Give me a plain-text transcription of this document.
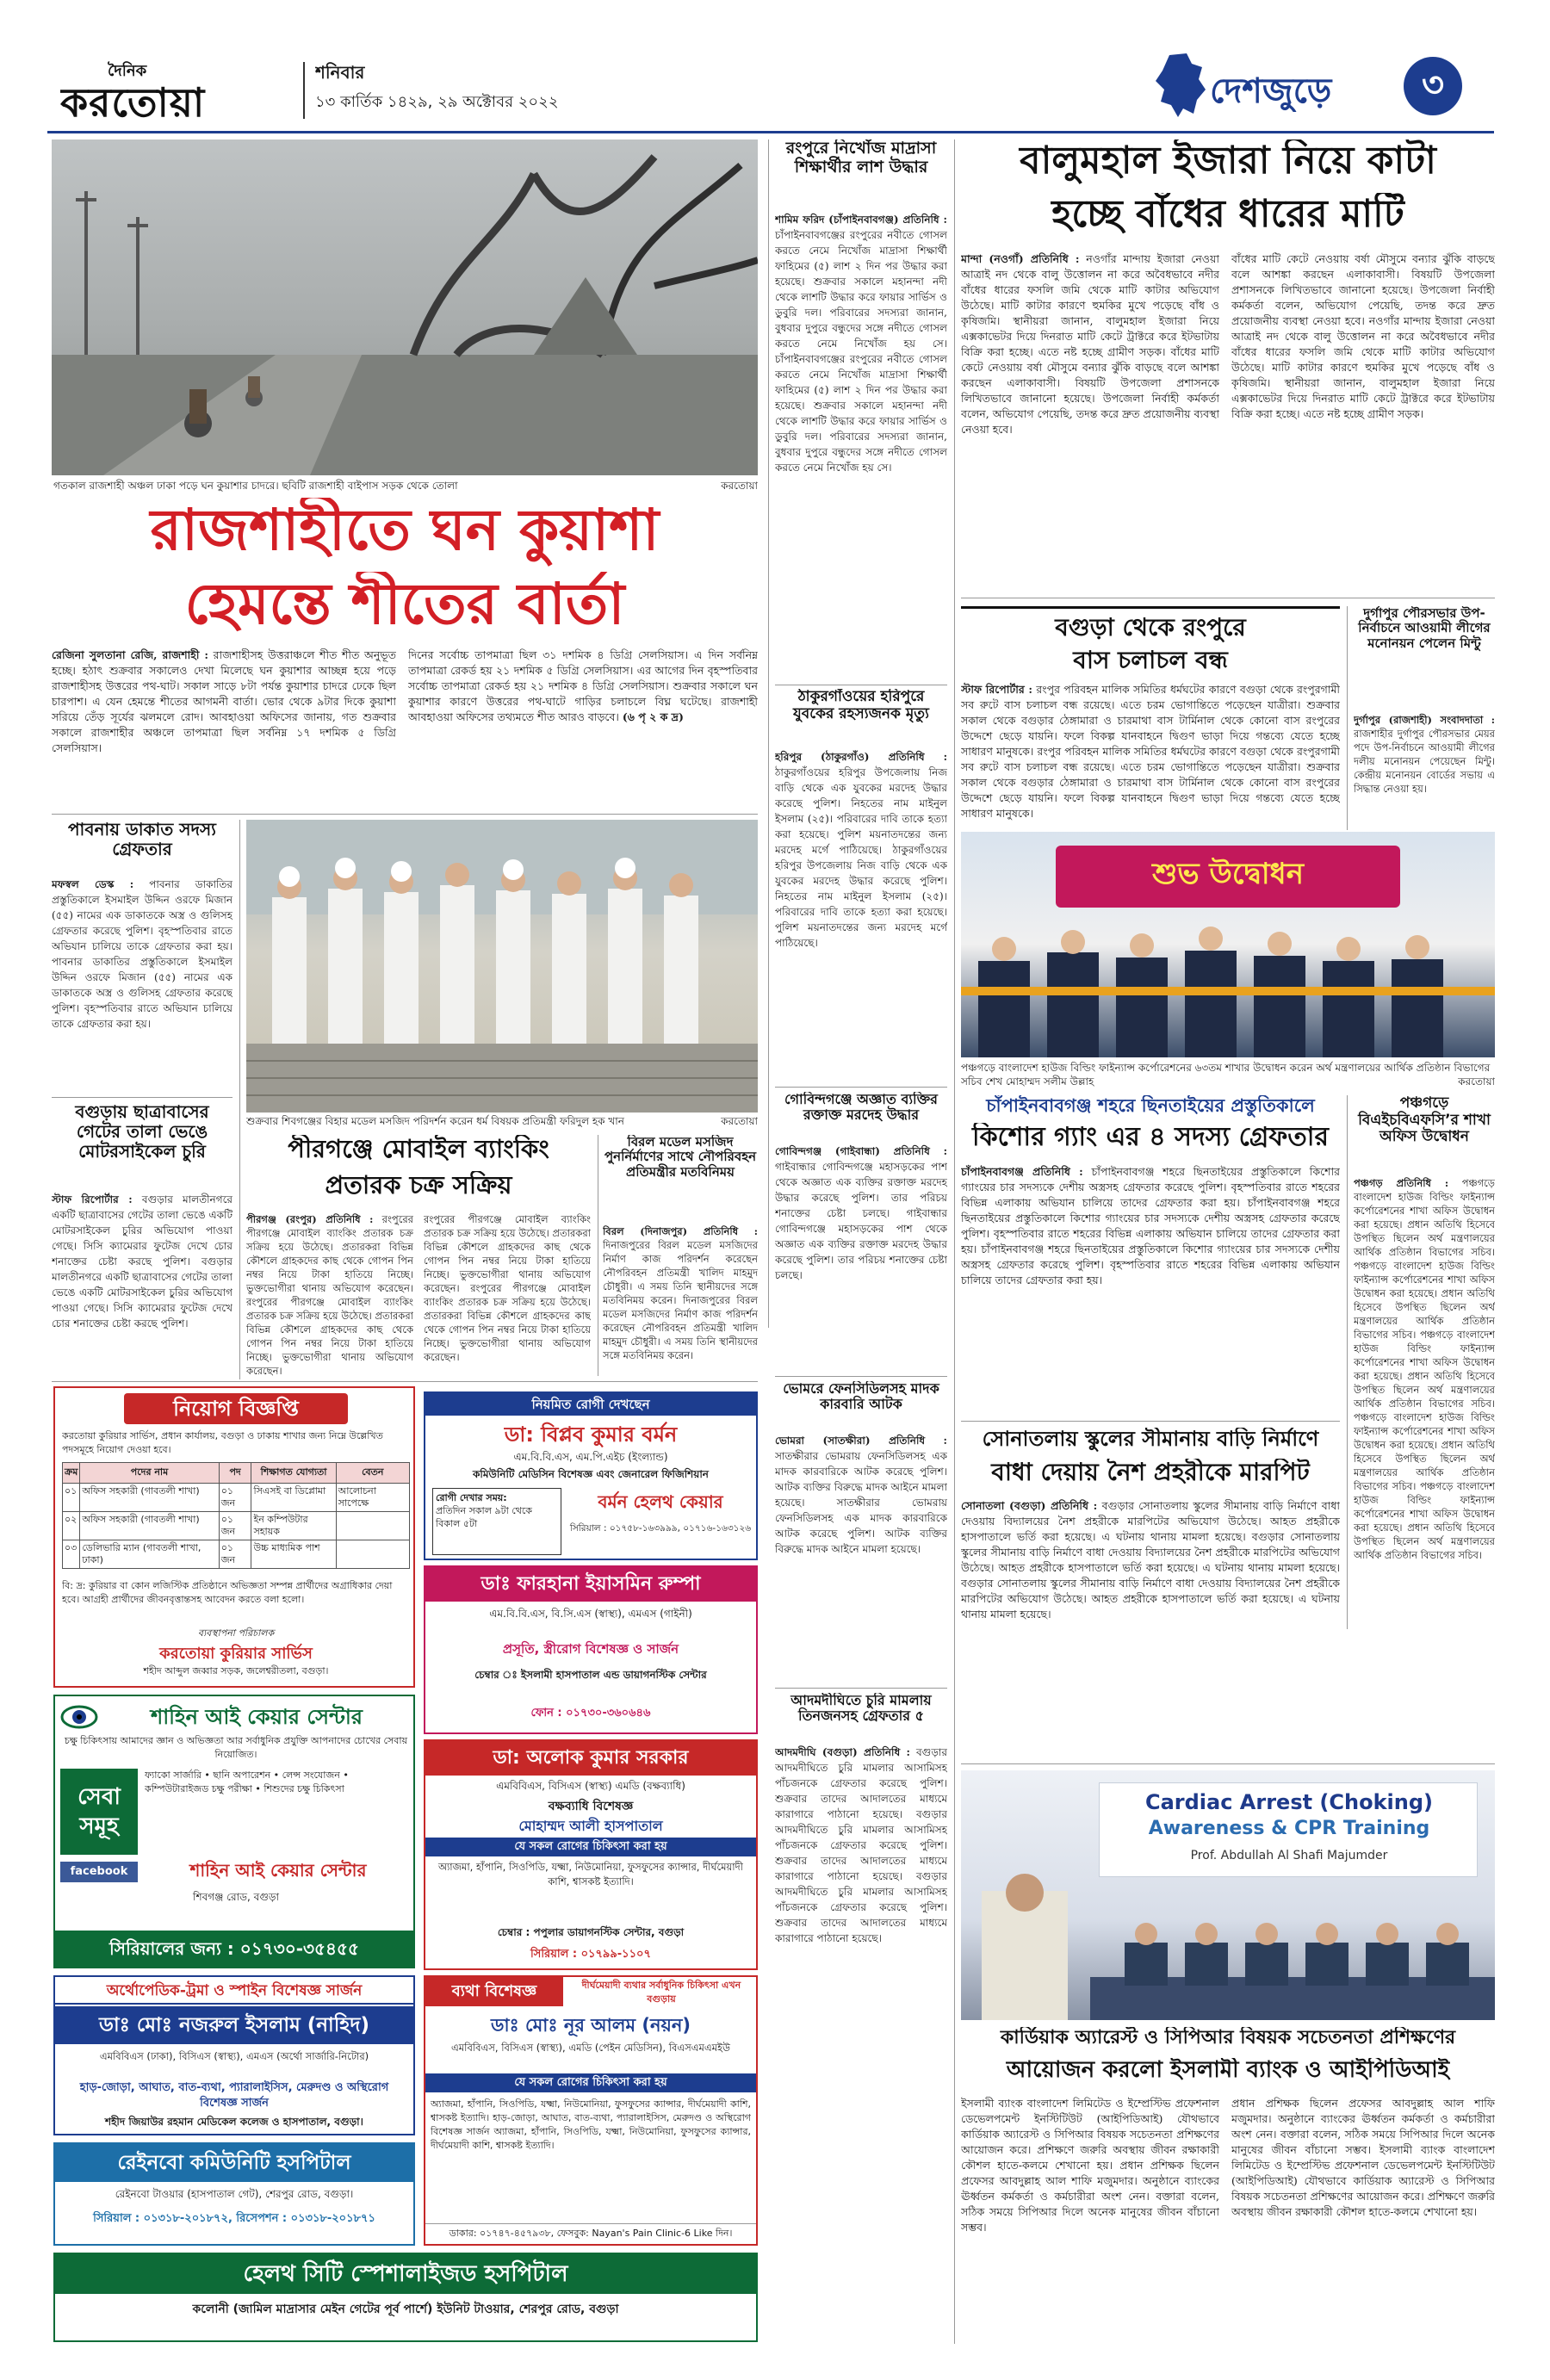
দৈনিক
করতোয়া
শনিবার
১৩ কার্তিক ১৪২৯, ২৯ অক্টোবর ২০২২	দেশজুড়ে	৩
গতকাল রাজশাহী অঞ্চল ঢাকা পড়ে ঘন কুয়াশার চাদরে। ছবিটি রাজশাহী বাইপাস সড়ক থেকে তোলা	করতোয়া
রাজশাহীতে ঘন কুয়াশা
হেমন্তে শীতের বার্তা
রেজিনা সুলতানা রেজি, রাজশাহী : রাজশাহীসহ উত্তরাঞ্চলে শীত শীত অনুভূত হচ্ছে। হঠাৎ শুক্রবার সকালেও দেখা মিলেছে ঘন কুয়াশার আচ্ছন্ন হয়ে পড়ে রাজশাহীসহ উত্তরের পথ-ঘাট। সকাল সাড়ে ৮টা পর্যন্ত কুয়াশার চাদরে ঢেকে ছিল চারপাশ। এ যেন হেমন্তে শীতের আগমনী বার্তা। ভোর থেকে ৯টার দিকে কুয়াশা সরিয়ে তেঁড় সূর্যের ঝলমলে রোদ। আবহাওয়া অফিসের জানায়, গত শুক্রবার সকালে রাজশাহীর অঞ্চলে তাপমাত্রা ছিল সর্বনিম্ন ১৭ দশমিক ৫ ডিগ্রি সেলসিয়াস।
দিনের সর্বোচ্চ তাপমাত্রা ছিল ৩১ দশমিক ৪ ডিগ্রি সেলসিয়াস। এ দিন সর্বনিম্ন তাপমাত্রা রেকর্ড হয় ২১ দশমিক ৫ ডিগ্রি সেলসিয়াস। এর আগের দিন বৃহস্পতিবার সর্বোচ্চ তাপমাত্রা রেকর্ড হয় ২১ দশমিক ৪ ডিগ্রি সেলসিয়াস। শুক্রবার সকালে ঘন কুয়াশার কারণে উত্তরের পথ-ঘাটে গাড়ির চলাচলে বিঘ্ন ঘটেছে। রাজশাহী আবহাওয়া অফিসের তথ্যমতে শীত আরও বাড়বে। (৬ পৃ ২ ক দ্র)
রংপুরে নিখোঁজ মাদ্রাসা শিক্ষার্থীর লাশ উদ্ধার
শামিম ফরিদ (চাঁপাইনবাবগঞ্জ) প্রতিনিধি : চাঁপাইনবাবগঞ্জের রংপুরের নবীতে গোসল করতে নেমে নিখোঁজ মাদ্রাসা শিক্ষার্থী ফাহিমের (৫) লাশ ২ দিন পর উদ্ধার করা হয়েছে। শুক্রবার সকালে মহানন্দা নদী থেকে লাশটি উদ্ধার করে ফায়ার সার্ভিস ও ডুবুরি দল। পরিবারের সদস্যরা জানান, বুধবার দুপুরে বন্ধুদের সঙ্গে নদীতে গোসল করতে নেমে নিখোঁজ হয় সে। চাঁপাইনবাবগঞ্জের রংপুরের নবীতে গোসল করতে নেমে নিখোঁজ মাদ্রাসা শিক্ষার্থী ফাহিমের (৫) লাশ ২ দিন পর উদ্ধার করা হয়েছে। শুক্রবার সকালে মহানন্দা নদী থেকে লাশটি উদ্ধার করে ফায়ার সার্ভিস ও ডুবুরি দল। পরিবারের সদস্যরা জানান, বুধবার দুপুরে বন্ধুদের সঙ্গে নদীতে গোসল করতে নেমে নিখোঁজ হয় সে।
ঠাকুরগাঁওয়ের হরিপুরে যুবকের রহস্যজনক মৃত্যু
হরিপুর (ঠাকুরগাঁও) প্রতিনিধি : ঠাকুরগাঁওয়ের হরিপুর উপজেলায় নিজ বাড়ি থেকে এক যুবকের মরদেহ উদ্ধার করেছে পুলিশ। নিহতের নাম মাইনুল ইসলাম (২৫)। পরিবারের দাবি তাকে হত্যা করা হয়েছে। পুলিশ ময়নাতদন্তের জন্য মরদেহ মর্গে পাঠিয়েছে। ঠাকুরগাঁওয়ের হরিপুর উপজেলায় নিজ বাড়ি থেকে এক যুবকের মরদেহ উদ্ধার করেছে পুলিশ। নিহতের নাম মাইনুল ইসলাম (২৫)। পরিবারের দাবি তাকে হত্যা করা হয়েছে। পুলিশ ময়নাতদন্তের জন্য মরদেহ মর্গে পাঠিয়েছে।
গোবিন্দগঞ্জে অজ্ঞাত ব্যক্তির রক্তাক্ত মরদেহ উদ্ধার
গোবিন্দগঞ্জ (গাইবান্ধা) প্রতিনিধি : গাইবান্ধার গোবিন্দগঞ্জে মহাসড়কের পাশ থেকে অজ্ঞাত এক ব্যক্তির রক্তাক্ত মরদেহ উদ্ধার করেছে পুলিশ। তার পরিচয় শনাক্তের চেষ্টা চলছে। গাইবান্ধার গোবিন্দগঞ্জে মহাসড়কের পাশ থেকে অজ্ঞাত এক ব্যক্তির রক্তাক্ত মরদেহ উদ্ধার করেছে পুলিশ। তার পরিচয় শনাক্তের চেষ্টা চলছে।
ভোমরে ফেনসিডিলসহ মাদক কারবারি আটক
ভোমরা (সাতক্ষীরা) প্রতিনিধি : সাতক্ষীরার ভোমরায় ফেনসিডিলসহ এক মাদক কারবারিকে আটক করেছে পুলিশ। আটক ব্যক্তির বিরুদ্ধে মাদক আইনে মামলা হয়েছে।	সাতক্ষীরার ভোমরায় ফেনসিডিলসহ এক মাদক কারবারিকে আটক করেছে পুলিশ। আটক ব্যক্তির বিরুদ্ধে মাদক আইনে মামলা হয়েছে।
আদমদীঘিতে চুরি মামলায় তিনজনসহ গ্রেফতার ৫
আদমদীঘি (বগুড়া) প্রতিনিধি : বগুড়ার আদমদীঘিতে চুরি মামলার আসামিসহ পাঁচজনকে গ্রেফতার করেছে পুলিশ। শুক্রবার তাদের আদালতের মাধ্যমে কারাগারে পাঠানো হয়েছে। বগুড়ার আদমদীঘিতে চুরি মামলার আসামিসহ পাঁচজনকে গ্রেফতার করেছে পুলিশ। শুক্রবার তাদের আদালতের মাধ্যমে কারাগারে পাঠানো হয়েছে। বগুড়ার আদমদীঘিতে চুরি মামলার আসামিসহ পাঁচজনকে গ্রেফতার করেছে পুলিশ। শুক্রবার তাদের আদালতের মাধ্যমে কারাগারে পাঠানো হয়েছে।
বালুমহাল ইজারা নিয়ে কাটা
হচ্ছে বাঁধের ধারের মাটি
মান্দা (নওগাঁ) প্রতিনিধি : নওগাঁর মান্দায় ইজারা নেওয়া আত্রাই নদ থেকে বালু উত্তোলন না করে অবৈধভাবে নদীর বাঁধের ধারের ফসলি জমি থেকে মাটি কাটার অভিযোগ উঠেছে। মাটি কাটার কারণে হুমকির মুখে পড়েছে বাঁধ ও কৃষিজমি। স্থানীয়রা জানান, বালুমহাল ইজারা নিয়ে এক্সকাভেটর দিয়ে দিনরাত মাটি কেটে ট্রাক্টরে করে ইটভাটায় বিক্রি করা হচ্ছে। এতে নষ্ট হচ্ছে গ্রামীণ সড়ক। বাঁধের মাটি কেটে নেওয়ায় বর্ষা মৌসুমে বন্যার ঝুঁকি বাড়ছে বলে আশঙ্কা করছেন এলাকাবাসী। বিষয়টি উপজেলা প্রশাসনকে লিখিতভাবে জানানো হয়েছে। উপজেলা নির্বাহী কর্মকর্তা বলেন, অভিযোগ পেয়েছি, তদন্ত করে দ্রুত প্রয়োজনীয় ব্যবস্থা নেওয়া হবে।
বাঁধের মাটি কেটে নেওয়ায় বর্ষা মৌসুমে বন্যার ঝুঁকি বাড়ছে বলে আশঙ্কা করছেন এলাকাবাসী। বিষয়টি উপজেলা প্রশাসনকে লিখিতভাবে জানানো হয়েছে। উপজেলা নির্বাহী কর্মকর্তা বলেন, অভিযোগ পেয়েছি, তদন্ত করে দ্রুত প্রয়োজনীয় ব্যবস্থা নেওয়া হবে। নওগাঁর মান্দায় ইজারা নেওয়া আত্রাই নদ থেকে বালু উত্তোলন না করে অবৈধভাবে নদীর বাঁধের ধারের ফসলি জমি থেকে মাটি কাটার অভিযোগ উঠেছে। মাটি কাটার কারণে হুমকির মুখে পড়েছে বাঁধ ও কৃষিজমি। স্থানীয়রা জানান, বালুমহাল ইজারা নিয়ে এক্সকাভেটর দিয়ে দিনরাত মাটি কেটে ট্রাক্টরে করে ইটভাটায় বিক্রি করা হচ্ছে। এতে নষ্ট হচ্ছে গ্রামীণ সড়ক।
বগুড়া থেকে রংপুরে
বাস চলাচল বন্ধ
স্টাফ রিপোর্টার : রংপুর পরিবহন মালিক সমিতির ধর্মঘটের কারণে বগুড়া থেকে রংপুরগামী সব রুটে বাস চলাচল বন্ধ রয়েছে। এতে চরম ভোগান্তিতে পড়েছেন যাত্রীরা। শুক্রবার সকাল থেকে বগুড়ার ঠেঙ্গামারা ও চারমাথা বাস টার্মিনাল থেকে কোনো বাস রংপুরের উদ্দেশে ছেড়ে যায়নি। ফলে বিকল্প যানবাহনে দ্বিগুণ ভাড়া দিয়ে গন্তব্যে যেতে হচ্ছে সাধারণ মানুষকে। রংপুর পরিবহন মালিক সমিতির ধর্মঘটের কারণে বগুড়া থেকে রংপুরগামী সব রুটে বাস চলাচল বন্ধ রয়েছে। এতে চরম ভোগান্তিতে পড়েছেন যাত্রীরা। শুক্রবার সকাল থেকে বগুড়ার ঠেঙ্গামারা ও চারমাথা বাস টার্মিনাল থেকে কোনো বাস রংপুরের উদ্দেশে ছেড়ে যায়নি। ফলে বিকল্প যানবাহনে দ্বিগুণ ভাড়া দিয়ে গন্তব্যে যেতে হচ্ছে সাধারণ মানুষকে।
দুর্গাপুর পৌরসভার উপ-নির্বাচনে আওয়ামী লীগের মনোনয়ন পেলেন মিন্টু
দুর্গাপুর (রাজশাহী) সংবাদদাতা : রাজশাহীর দুর্গাপুর পৌরসভার মেয়র পদে উপ-নির্বাচনে আওয়ামী লীগের দলীয় মনোনয়ন পেয়েছেন মিন্টু। কেন্দ্রীয় মনোনয়ন বোর্ডের সভায় এ সিদ্ধান্ত নেওয়া হয়।
শুভ উদ্বোধন
পঞ্চগড়ে বাংলাদেশ হাউজ বিল্ডিং ফাইন্যান্স কর্পোরেশনের ৬৩তম শাখার উদ্বোধন করেন অর্থ মন্ত্রণালয়ের আর্থিক প্রতিষ্ঠান বিভাগের সচিব শেখ মোহাম্মদ সলীম উল্লাহ	করতোয়া
চাঁপাইনবাবগঞ্জ শহরে ছিনতাইয়ের প্রস্তুতিকালে
কিশোর গ্যাং এর ৪ সদস্য গ্রেফতার
চাঁপাইনবাবগঞ্জ প্রতিনিধি : চাঁপাইনবাবগঞ্জ শহরে ছিনতাইয়ের প্রস্তুতিকালে কিশোর গ্যাংয়ের চার সদস্যকে দেশীয় অস্ত্রসহ গ্রেফতার করেছে পুলিশ। বৃহস্পতিবার রাতে শহরের বিভিন্ন এলাকায় অভিযান চালিয়ে তাদের গ্রেফতার করা হয়। চাঁপাইনবাবগঞ্জ শহরে ছিনতাইয়ের প্রস্তুতিকালে কিশোর গ্যাংয়ের চার সদস্যকে দেশীয় অস্ত্রসহ গ্রেফতার করেছে পুলিশ। বৃহস্পতিবার রাতে শহরের বিভিন্ন এলাকায় অভিযান চালিয়ে তাদের গ্রেফতার করা হয়। চাঁপাইনবাবগঞ্জ শহরে ছিনতাইয়ের প্রস্তুতিকালে কিশোর গ্যাংয়ের চার সদস্যকে দেশীয় অস্ত্রসহ গ্রেফতার করেছে পুলিশ। বৃহস্পতিবার রাতে শহরের বিভিন্ন এলাকায় অভিযান চালিয়ে তাদের গ্রেফতার করা হয়।
পঞ্চগড়ে বিএইচবিএফসি’র শাখা অফিস উদ্বোধন
পঞ্চগড় প্রতিনিধি : পঞ্চগড়ে বাংলাদেশ হাউজ বিল্ডিং ফাইন্যান্স কর্পোরেশনের শাখা অফিস উদ্বোধন করা হয়েছে। প্রধান অতিথি হিসেবে উপস্থিত ছিলেন অর্থ মন্ত্রণালয়ের আর্থিক প্রতিষ্ঠান বিভাগের সচিব। পঞ্চগড়ে বাংলাদেশ হাউজ বিল্ডিং ফাইন্যান্স কর্পোরেশনের শাখা অফিস উদ্বোধন করা হয়েছে। প্রধান অতিথি হিসেবে উপস্থিত ছিলেন অর্থ মন্ত্রণালয়ের আর্থিক প্রতিষ্ঠান বিভাগের সচিব। পঞ্চগড়ে বাংলাদেশ হাউজ বিল্ডিং ফাইন্যান্স কর্পোরেশনের শাখা অফিস উদ্বোধন করা হয়েছে। প্রধান অতিথি হিসেবে উপস্থিত ছিলেন অর্থ মন্ত্রণালয়ের আর্থিক প্রতিষ্ঠান বিভাগের সচিব। পঞ্চগড়ে বাংলাদেশ হাউজ বিল্ডিং ফাইন্যান্স কর্পোরেশনের শাখা অফিস উদ্বোধন করা হয়েছে। প্রধান অতিথি হিসেবে উপস্থিত ছিলেন অর্থ মন্ত্রণালয়ের আর্থিক প্রতিষ্ঠান বিভাগের সচিব। পঞ্চগড়ে বাংলাদেশ হাউজ বিল্ডিং ফাইন্যান্স কর্পোরেশনের শাখা অফিস উদ্বোধন করা হয়েছে। প্রধান অতিথি হিসেবে উপস্থিত ছিলেন অর্থ মন্ত্রণালয়ের আর্থিক প্রতিষ্ঠান বিভাগের সচিব।
সোনাতলায় স্কুলের সীমানায় বাড়ি নির্মাণে
বাধা দেয়ায় নৈশ প্রহরীকে মারপিট
সোনাতলা (বগুড়া) প্রতিনিধি : বগুড়ার সোনাতলায় স্কুলের সীমানায় বাড়ি নির্মাণে বাধা দেওয়ায় বিদ্যালয়ের নৈশ প্রহরীকে মারপিটের অভিযোগ উঠেছে। আহত প্রহরীকে হাসপাতালে ভর্তি করা হয়েছে। এ ঘটনায় থানায় মামলা হয়েছে। বগুড়ার সোনাতলায় স্কুলের সীমানায় বাড়ি নির্মাণে বাধা দেওয়ায় বিদ্যালয়ের নৈশ প্রহরীকে মারপিটের অভিযোগ উঠেছে। আহত প্রহরীকে হাসপাতালে ভর্তি করা হয়েছে। এ ঘটনায় থানায় মামলা হয়েছে। বগুড়ার সোনাতলায় স্কুলের সীমানায় বাড়ি নির্মাণে বাধা দেওয়ায় বিদ্যালয়ের নৈশ প্রহরীকে মারপিটের অভিযোগ উঠেছে। আহত প্রহরীকে হাসপাতালে ভর্তি করা হয়েছে। এ ঘটনায় থানায় মামলা হয়েছে।
Cardiac Arrest (Choking)
Awareness & CPR Training
Prof. Abdullah Al Shafi Majumder
কার্ডিয়াক অ্যারেস্ট ও সিপিআর বিষয়ক সচেতনতা প্রশিক্ষণের
আয়োজন করলো ইসলামী ব্যাংক ও আইপিডিআই
ইসলামী ব্যাংক বাংলাদেশ লিমিটেড ও ইম্প্রেস্টিভ প্রফেশনাল ডেভেলপমেন্ট ইনস্টিটিউট (আইপিডিআই) যৌথভাবে কার্ডিয়াক অ্যারেস্ট ও সিপিআর বিষয়ক সচেতনতা প্রশিক্ষণের আয়োজন করে। প্রশিক্ষণে জরুরি অবস্থায় জীবন রক্ষাকারী কৌশল হাতে-কলমে শেখানো হয়। প্রধান প্রশিক্ষক ছিলেন প্রফেসর আবদুল্লাহ আল শাফি মজুমদার। অনুষ্ঠানে ব্যাংকের ঊর্ধ্বতন কর্মকর্তা ও কর্মচারীরা অংশ নেন। বক্তারা বলেন, সঠিক সময়ে সিপিআর দিলে অনেক মানুষের জীবন বাঁচানো সম্ভব।
প্রধান প্রশিক্ষক ছিলেন প্রফেসর আবদুল্লাহ আল শাফি মজুমদার। অনুষ্ঠানে ব্যাংকের ঊর্ধ্বতন কর্মকর্তা ও কর্মচারীরা অংশ নেন। বক্তারা বলেন, সঠিক সময়ে সিপিআর দিলে অনেক মানুষের জীবন বাঁচানো সম্ভব। ইসলামী ব্যাংক বাংলাদেশ লিমিটেড ও ইম্প্রেস্টিভ প্রফেশনাল ডেভেলপমেন্ট ইনস্টিটিউট (আইপিডিআই) যৌথভাবে কার্ডিয়াক অ্যারেস্ট ও সিপিআর বিষয়ক সচেতনতা প্রশিক্ষণের আয়োজন করে। প্রশিক্ষণে জরুরি অবস্থায় জীবন রক্ষাকারী কৌশল হাতে-কলমে শেখানো হয়।
পাবনায় ডাকাত সদস্য গ্রেফতার
মফস্বল ডেস্ক : পাবনার ডাকাতির প্রস্তুতিকালে ইসমাইল উদ্দিন ওরফে মিজান (৫৫) নামের এক ডাকাতকে অস্ত্র ও গুলিসহ গ্রেফতার করেছে পুলিশ। বৃহস্পতিবার রাতে অভিযান চালিয়ে তাকে গ্রেফতার করা হয়। পাবনার ডাকাতির প্রস্তুতিকালে ইসমাইল উদ্দিন ওরফে মিজান (৫৫) নামের এক ডাকাতকে অস্ত্র ও গুলিসহ গ্রেফতার করেছে পুলিশ। বৃহস্পতিবার রাতে অভিযান চালিয়ে তাকে গ্রেফতার করা হয়।
বগুড়ায় ছাত্রাবাসের গেটের তালা ভেঙে মোটরসাইকেল চুরি
স্টাফ রিপোর্টার : বগুড়ার মালতীনগরে একটি ছাত্রাবাসের গেটের তালা ভেঙে একটি মোটরসাইকেল চুরির অভিযোগ পাওয়া গেছে। সিসি ক্যামেরার ফুটেজ দেখে চোর শনাক্তের চেষ্টা করছে পুলিশ। বগুড়ার মালতীনগরে একটি ছাত্রাবাসের গেটের তালা ভেঙে একটি মোটরসাইকেল চুরির অভিযোগ পাওয়া গেছে। সিসি ক্যামেরার ফুটেজ দেখে চোর শনাক্তের চেষ্টা করছে পুলিশ।
শুক্রবার শিবগঞ্জের বিহার মডেল মসজিদ পরিদর্শন করেন ধর্ম বিষয়ক প্রতিমন্ত্রী ফরিদুল হক খান	করতোয়া
পীরগঞ্জে মোবাইল ব্যাংকিং
প্রতারক চক্র সক্রিয়
পীরগঞ্জ (রংপুর) প্রতিনিধি : রংপুরের পীরগঞ্জে মোবাইল ব্যাংকিং প্রতারক চক্র সক্রিয় হয়ে উঠেছে। প্রতারকরা বিভিন্ন কৌশলে গ্রাহকদের কাছ থেকে গোপন পিন নম্বর নিয়ে টাকা হাতিয়ে নিচ্ছে। ভুক্তভোগীরা থানায় অভিযোগ করেছেন। রংপুরের পীরগঞ্জে মোবাইল ব্যাংকিং প্রতারক চক্র সক্রিয় হয়ে উঠেছে। প্রতারকরা বিভিন্ন কৌশলে গ্রাহকদের কাছ থেকে গোপন পিন নম্বর নিয়ে টাকা হাতিয়ে নিচ্ছে। ভুক্তভোগীরা থানায় অভিযোগ করেছেন।
রংপুরের পীরগঞ্জে মোবাইল ব্যাংকিং প্রতারক চক্র সক্রিয় হয়ে উঠেছে। প্রতারকরা বিভিন্ন কৌশলে গ্রাহকদের কাছ থেকে গোপন পিন নম্বর নিয়ে টাকা হাতিয়ে নিচ্ছে। ভুক্তভোগীরা থানায় অভিযোগ করেছেন। রংপুরের পীরগঞ্জে মোবাইল ব্যাংকিং প্রতারক চক্র সক্রিয় হয়ে উঠেছে। প্রতারকরা বিভিন্ন কৌশলে গ্রাহকদের কাছ থেকে গোপন পিন নম্বর নিয়ে টাকা হাতিয়ে নিচ্ছে। ভুক্তভোগীরা থানায় অভিযোগ করেছেন।
বিরল মডেল মসজিদ পুনর্নির্মাণের সাথে নৌপরিবহন প্রতিমন্ত্রীর মতবিনিময়
বিরল (দিনাজপুর) প্রতিনিধি : দিনাজপুরের বিরল মডেল মসজিদের নির্মাণ কাজ পরিদর্শন করেছেন নৌপরিবহন প্রতিমন্ত্রী খালিদ মাহমুদ চৌধুরী। এ সময় তিনি স্থানীয়দের সঙ্গে মতবিনিময় করেন। দিনাজপুরের বিরল মডেল মসজিদের নির্মাণ কাজ পরিদর্শন করেছেন নৌপরিবহন প্রতিমন্ত্রী খালিদ মাহমুদ চৌধুরী। এ সময় তিনি স্থানীয়দের সঙ্গে মতবিনিময় করেন।
নিয়োগ বিজ্ঞপ্তি
করতোয়া কুরিয়ার সার্ভিস, প্রধান কার্যালয়, বগুড়া ও ঢাকায় শাখার জন্য নিম্নে উল্লেখিত পদসমূহে নিয়োগ দেওয়া হবে।
ক্রম	পদের নাম	পদ	শিক্ষাগত যোগ্যতা	বেতন
০১	অফিস সহকারী (গাবতলী শাখা)	০১ জন	সিএসই বা ডিপ্লোমা	আলোচনা সাপেক্ষে
০২	অফিস সহকারী (গাবতলী শাখা)	০১ জন	ইন কম্পিউটার সহায়ক	
০৩	ডেলিভারি ম্যান (গাবতলী শাখা, ঢাকা)	০১ জন	উচ্চ মাধ্যমিক পাশ	
বি: দ্র: কুরিয়ার বা কোন লজিস্টিক প্রতিষ্ঠানে অভিজ্ঞতা সম্পন্ন প্রার্থীদের অগ্রাধিকার দেয়া হবে। আগ্রহী প্রার্থীদের জীবনবৃত্তান্তসহ আবেদন করতে বলা হলো।
ব্যবস্থাপনা পরিচালক
করতোয়া কুরিয়ার সার্ভিস
শহীদ আব্দুল জব্বার সড়ক, জলেশ্বরীতলা, বগুড়া।
নিয়মিত রোগী দেখছেন
ডা: বিপ্লব কুমার বর্মন
এম.বি.বি.এস, এম.পি.এইচ (ইংল্যান্ড)
কমিউনিটি মেডিসিন বিশেষজ্ঞ এবং জেনারেল ফিজিশিয়ান
রোগী দেখার সময়:
প্রতিদিন সকাল ৯টা থেকে বিকাল ৫টা
বর্মন হেলথ কেয়ার
সিরিয়াল : ০১৭৫৮-১৬৩৯৯৯, ০১৭১৬-১৬৩১২৬
ডাঃ ফারহানা ইয়াসমিন রুম্পা
এম.বি.বি.এস, বি.সি.এস (স্বাস্থ্য), এমএস (গাইনী)
প্রসূতি, স্ত্রীরোগ বিশেষজ্ঞ ও সার্জন
চেম্বার ঃ ইসলামী হাসপাতাল এন্ড ডায়াগনস্টিক সেন্টার
ফোন : ০১৭৩০-৩৬০৬৪৬
শাহিন আই কেয়ার সেন্টার
চক্ষু চিকিৎসায় আমাদের জ্ঞান ও অভিজ্ঞতা আর সর্বাধুনিক প্রযুক্তি আপনাদের চোখের সেবায় নিয়োজিত।
সেবা সমূহ
ফ্যাকো সার্জারি • ছানি অপারেশন • লেন্স সংযোজন • কম্পিউটারাইজড চক্ষু পরীক্ষা • শিশুদের চক্ষু চিকিৎসা
facebook	শাহিন আই কেয়ার সেন্টার
শিবগঞ্জ রোড, বগুড়া
সিরিয়ালের জন্য : ০১৭৩০-৩৫৪৫৫
ডা: অলোক কুমার সরকার
এমবিবিএস, বিসিএস (স্বাস্থ্য) এমডি (বক্ষব্যাধি)
বক্ষব্যাধি বিশেষজ্ঞ
মোহাম্মদ আলী হাসপাতাল
যে সকল রোগের চিকিৎসা করা হয়
অ্যাজমা, হাঁপানি, সিওপিডি, যক্ষ্মা, নিউমোনিয়া, ফুসফুসের ক্যান্সার, দীর্ঘমেয়াদী কাশি, শ্বাসকষ্ট ইত্যাদি।
চেম্বার : পপুলার ডায়াগনস্টিক সেন্টার, বগুড়া
সিরিয়াল : ০১৭৯৯-১১০৭
অর্থোপেডিক-ট্রমা ও স্পাইন বিশেষজ্ঞ সার্জন
ডাঃ মোঃ নজরুল ইসলাম (নাহিদ)
এমবিবিএস (ঢাকা), বিসিএস (স্বাস্থ্য), এমএস (অর্থো সার্জারি-নিটোর)
হাড়-জোড়া, আঘাত, বাত-ব্যথা, প্যারালাইসিস, মেরুদণ্ড ও অস্থিরোগ বিশেষজ্ঞ সার্জন
শহীদ জিয়াউর রহমান মেডিকেল কলেজ ও হাসপাতাল, বগুড়া।
ব্যথা বিশেষজ্ঞ	দীর্ঘমেয়াদী ব্যথার সর্বাধুনিক চিকিৎসা এখন বগুড়ায়
ডাঃ মোঃ নূর আলম (নয়ন)
এমবিবিএস, বিসিএস (স্বাস্থ্য), এমডি (পেইন মেডিসিন), বিএসএমএমইউ
যে সকল রোগের চিকিৎসা করা হয়
অ্যাজমা, হাঁপানি, সিওপিডি, যক্ষ্মা, নিউমোনিয়া, ফুসফুসের ক্যান্সার, দীর্ঘমেয়াদী কাশি, শ্বাসকষ্ট ইত্যাদি। হাড়-জোড়া, আঘাত, বাত-ব্যথা, প্যারালাইসিস, মেরুদণ্ড ও অস্থিরোগ বিশেষজ্ঞ সার্জন অ্যাজমা, হাঁপানি, সিওপিডি, যক্ষ্মা, নিউমোনিয়া, ফুসফুসের ক্যান্সার, দীর্ঘমেয়াদী কাশি, শ্বাসকষ্ট ইত্যাদি।
ডাকার: ০১৭৪৭-৪৫৭৯৩৮, ফেসবুক: Nayan's Pain Clinic-6 Like দিন।
রেইনবো কমিউনিটি হসপিটাল
রেইনবো টাওয়ার (হাসপাতাল গেট), শেরপুর রোড, বগুড়া।
সিরিয়াল : ০১৩১৮-২০১৮৭২, রিসেপশন : ০১৩১৮-২০১৮৭১
হেলথ সিটি স্পেশালাইজড হসপিটাল
কলোনী (জামিল মাদ্রাসার মেইন গেটের পূর্ব পার্শে) ইউনিট টাওয়ার, শেরপুর রোড, বগুড়া
